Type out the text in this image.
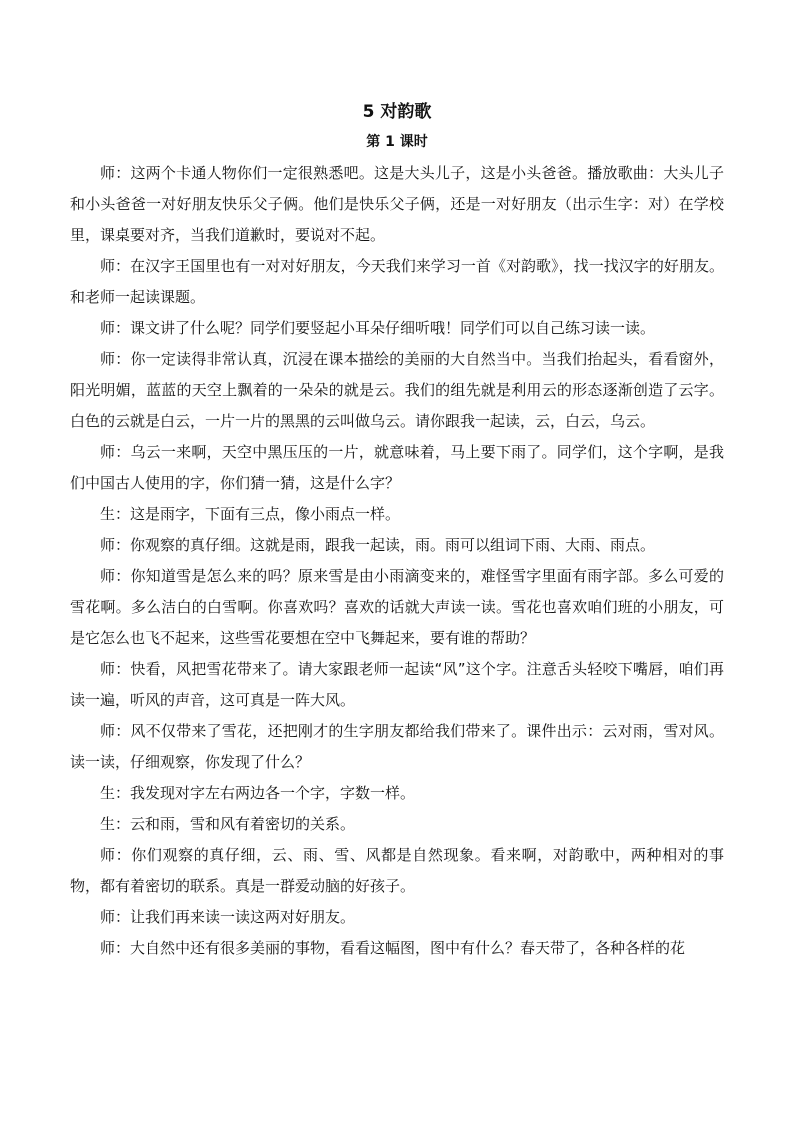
5 对韵歌
第 1 课时

师：这两个卡通人物你们一定很熟悉吧。这是大头儿子，这是小头爸爸。播放歌曲：大头儿子和小头爸爸一对好朋友快乐父子俩。他们是快乐父子俩，还是一对好朋友（出示生字：对）在学校里，课桌要对齐，当我们道歉时，要说对不起。

师：在汉字王国里也有一对对好朋友，今天我们来学习一首《对韵歌》，找一找汉字的好朋友。和老师一起读课题。

师：课文讲了什么呢？同学们要竖起小耳朵仔细听哦！同学们可以自己练习读一读。

师：你一定读得非常认真，沉浸在课本描绘的美丽的大自然当中。当我们抬起头，看看窗外，阳光明媚，蓝蓝的天空上飘着的一朵朵的就是云。我们的组先就是利用云的形态逐渐创造了云字。白色的云就是白云，一片一片的黑黑的云叫做乌云。请你跟我一起读，云，白云，乌云。

师：乌云一来啊，天空中黑压压的一片，就意味着，马上要下雨了。同学们，这个字啊，是我们中国古人使用的字，你们猜一猜，这是什么字？

生：这是雨字，下面有三点，像小雨点一样。

师：你观察的真仔细。这就是雨，跟我一起读，雨。雨可以组词下雨、大雨、雨点。

师：你知道雪是怎么来的吗？原来雪是由小雨滴变来的，难怪雪字里面有雨字部。多么可爱的雪花啊。多么洁白的白雪啊。你喜欢吗？喜欢的话就大声读一读。雪花也喜欢咱们班的小朋友，可是它怎么也飞不起来，这些雪花要想在空中飞舞起来，要有谁的帮助？

师：快看，风把雪花带来了。请大家跟老师一起读“风”这个字。注意舌头轻咬下嘴唇，咱们再读一遍，听风的声音，这可真是一阵大风。

师：风不仅带来了雪花，还把刚才的生字朋友都给我们带来了。课件出示：云对雨，雪对风。读一读，仔细观察，你发现了什么？

生：我发现对字左右两边各一个字，字数一样。

生：云和雨，雪和风有着密切的关系。

师：你们观察的真仔细，云、雨、雪、风都是自然现象。看来啊，对韵歌中，两种相对的事物，都有着密切的联系。真是一群爱动脑的好孩子。

师：让我们再来读一读这两对好朋友。

师：大自然中还有很多美丽的事物，看看这幅图，图中有什么？春天带了，各种各样的花
